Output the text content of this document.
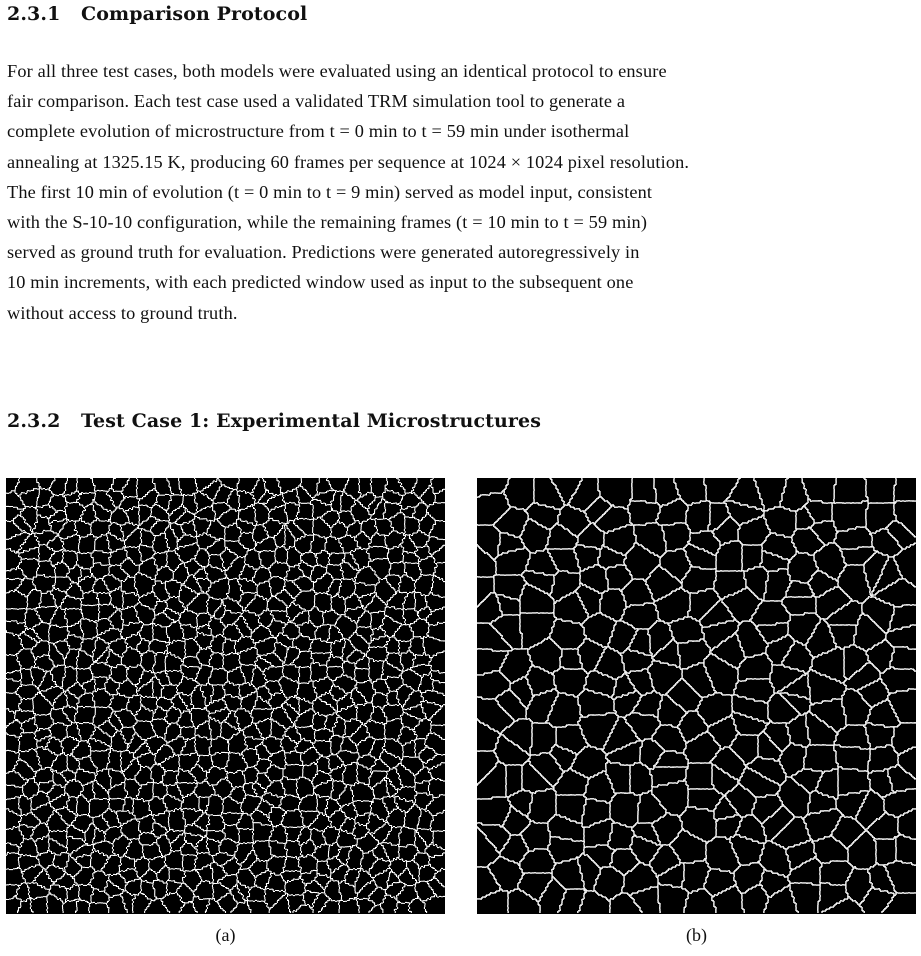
2.3.1 Comparison Protocol
For all three test cases, both models were evaluated using an identical protocol to ensure
fair comparison. Each test case used a validated TRM simulation tool to generate a
complete evolution of microstructure from t = 0 min to t = 59 min under isothermal
annealing at 1325.15 K, producing 60 frames per sequence at 1024 × 1024 pixel resolution.
The first 10 min of evolution (t = 0 min to t = 9 min) served as model input, consistent
with the S-10-10 configuration, while the remaining frames (t = 10 min to t = 59 min)
served as ground truth for evaluation. Predictions were generated autoregressively in
10 min increments, with each predicted window used as input to the subsequent one
without access to ground truth.
2.3.2 Test Case 1: Experimental Microstructures
(a)	(b)
